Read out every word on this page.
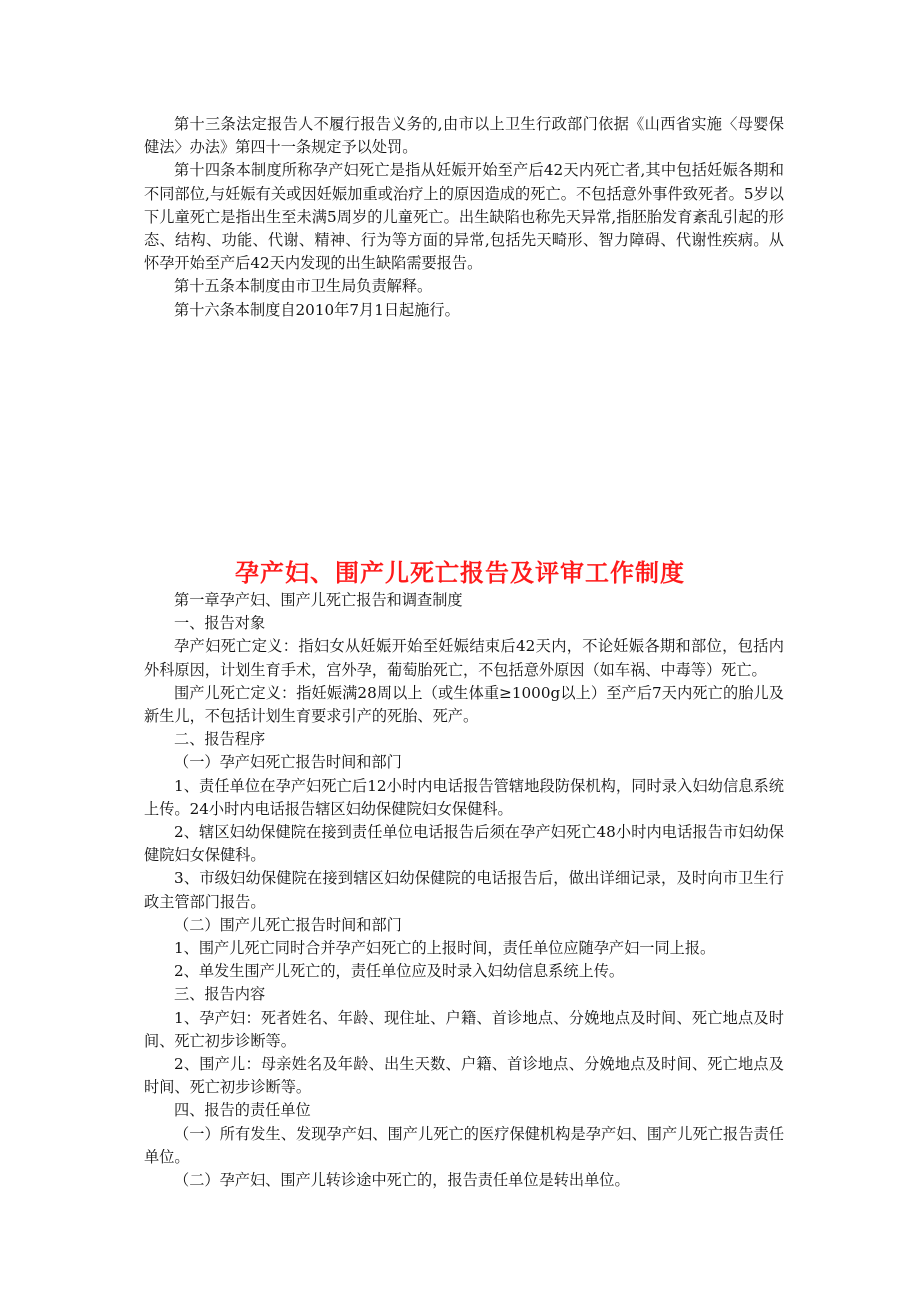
第十三条法定报告人不履行报告义务的,由市以上卫生行政部门依据《山西省实施〈母婴保健法〉办法》第四十一条规定予以处罚。

第十四条本制度所称孕产妇死亡是指从妊娠开始至产后42天内死亡者,其中包括妊娠各期和不同部位,与妊娠有关或因妊娠加重或治疗上的原因造成的死亡。不包括意外事件致死者。5岁以下儿童死亡是指出生至未满5周岁的儿童死亡。出生缺陷也称先天异常,指胚胎发育紊乱引起的形态、结构、功能、代谢、精神、行为等方面的异常,包括先天畸形、智力障碍、代谢性疾病。从怀孕开始至产后42天内发现的出生缺陷需要报告。

第十五条本制度由市卫生局负责解释。

第十六条本制度自2010年7月1日起施行。

孕产妇、围产儿死亡报告及评审工作制度

第一章孕产妇、围产儿死亡报告和调查制度

一、报告对象

孕产妇死亡定义：指妇女从妊娠开始至妊娠结束后42天内，不论妊娠各期和部位，包括内外科原因，计划生育手术，宫外孕，葡萄胎死亡，不包括意外原因（如车祸、中毒等）死亡。

围产儿死亡定义：指妊娠满28周以上（或生体重≥1000g以上）至产后7天内死亡的胎儿及新生儿，不包括计划生育要求引产的死胎、死产。

二、报告程序

（一）孕产妇死亡报告时间和部门

1、责任单位在孕产妇死亡后12小时内电话报告管辖地段防保机构，同时录入妇幼信息系统上传。24小时内电话报告辖区妇幼保健院妇女保健科。

2、辖区妇幼保健院在接到责任单位电话报告后须在孕产妇死亡48小时内电话报告市妇幼保健院妇女保健科。

3、市级妇幼保健院在接到辖区妇幼保健院的电话报告后，做出详细记录，及时向市卫生行政主管部门报告。

（二）围产儿死亡报告时间和部门

1、围产儿死亡同时合并孕产妇死亡的上报时间，责任单位应随孕产妇一同上报。

2、单发生围产儿死亡的，责任单位应及时录入妇幼信息系统上传。

三、报告内容

1、孕产妇：死者姓名、年龄、现住址、户籍、首诊地点、分娩地点及时间、死亡地点及时间、死亡初步诊断等。

2、围产儿：母亲姓名及年龄、出生天数、户籍、首诊地点、分娩地点及时间、死亡地点及时间、死亡初步诊断等。

四、报告的责任单位

（一）所有发生、发现孕产妇、围产儿死亡的医疗保健机构是孕产妇、围产儿死亡报告责任单位。

（二）孕产妇、围产儿转诊途中死亡的，报告责任单位是转出单位。
